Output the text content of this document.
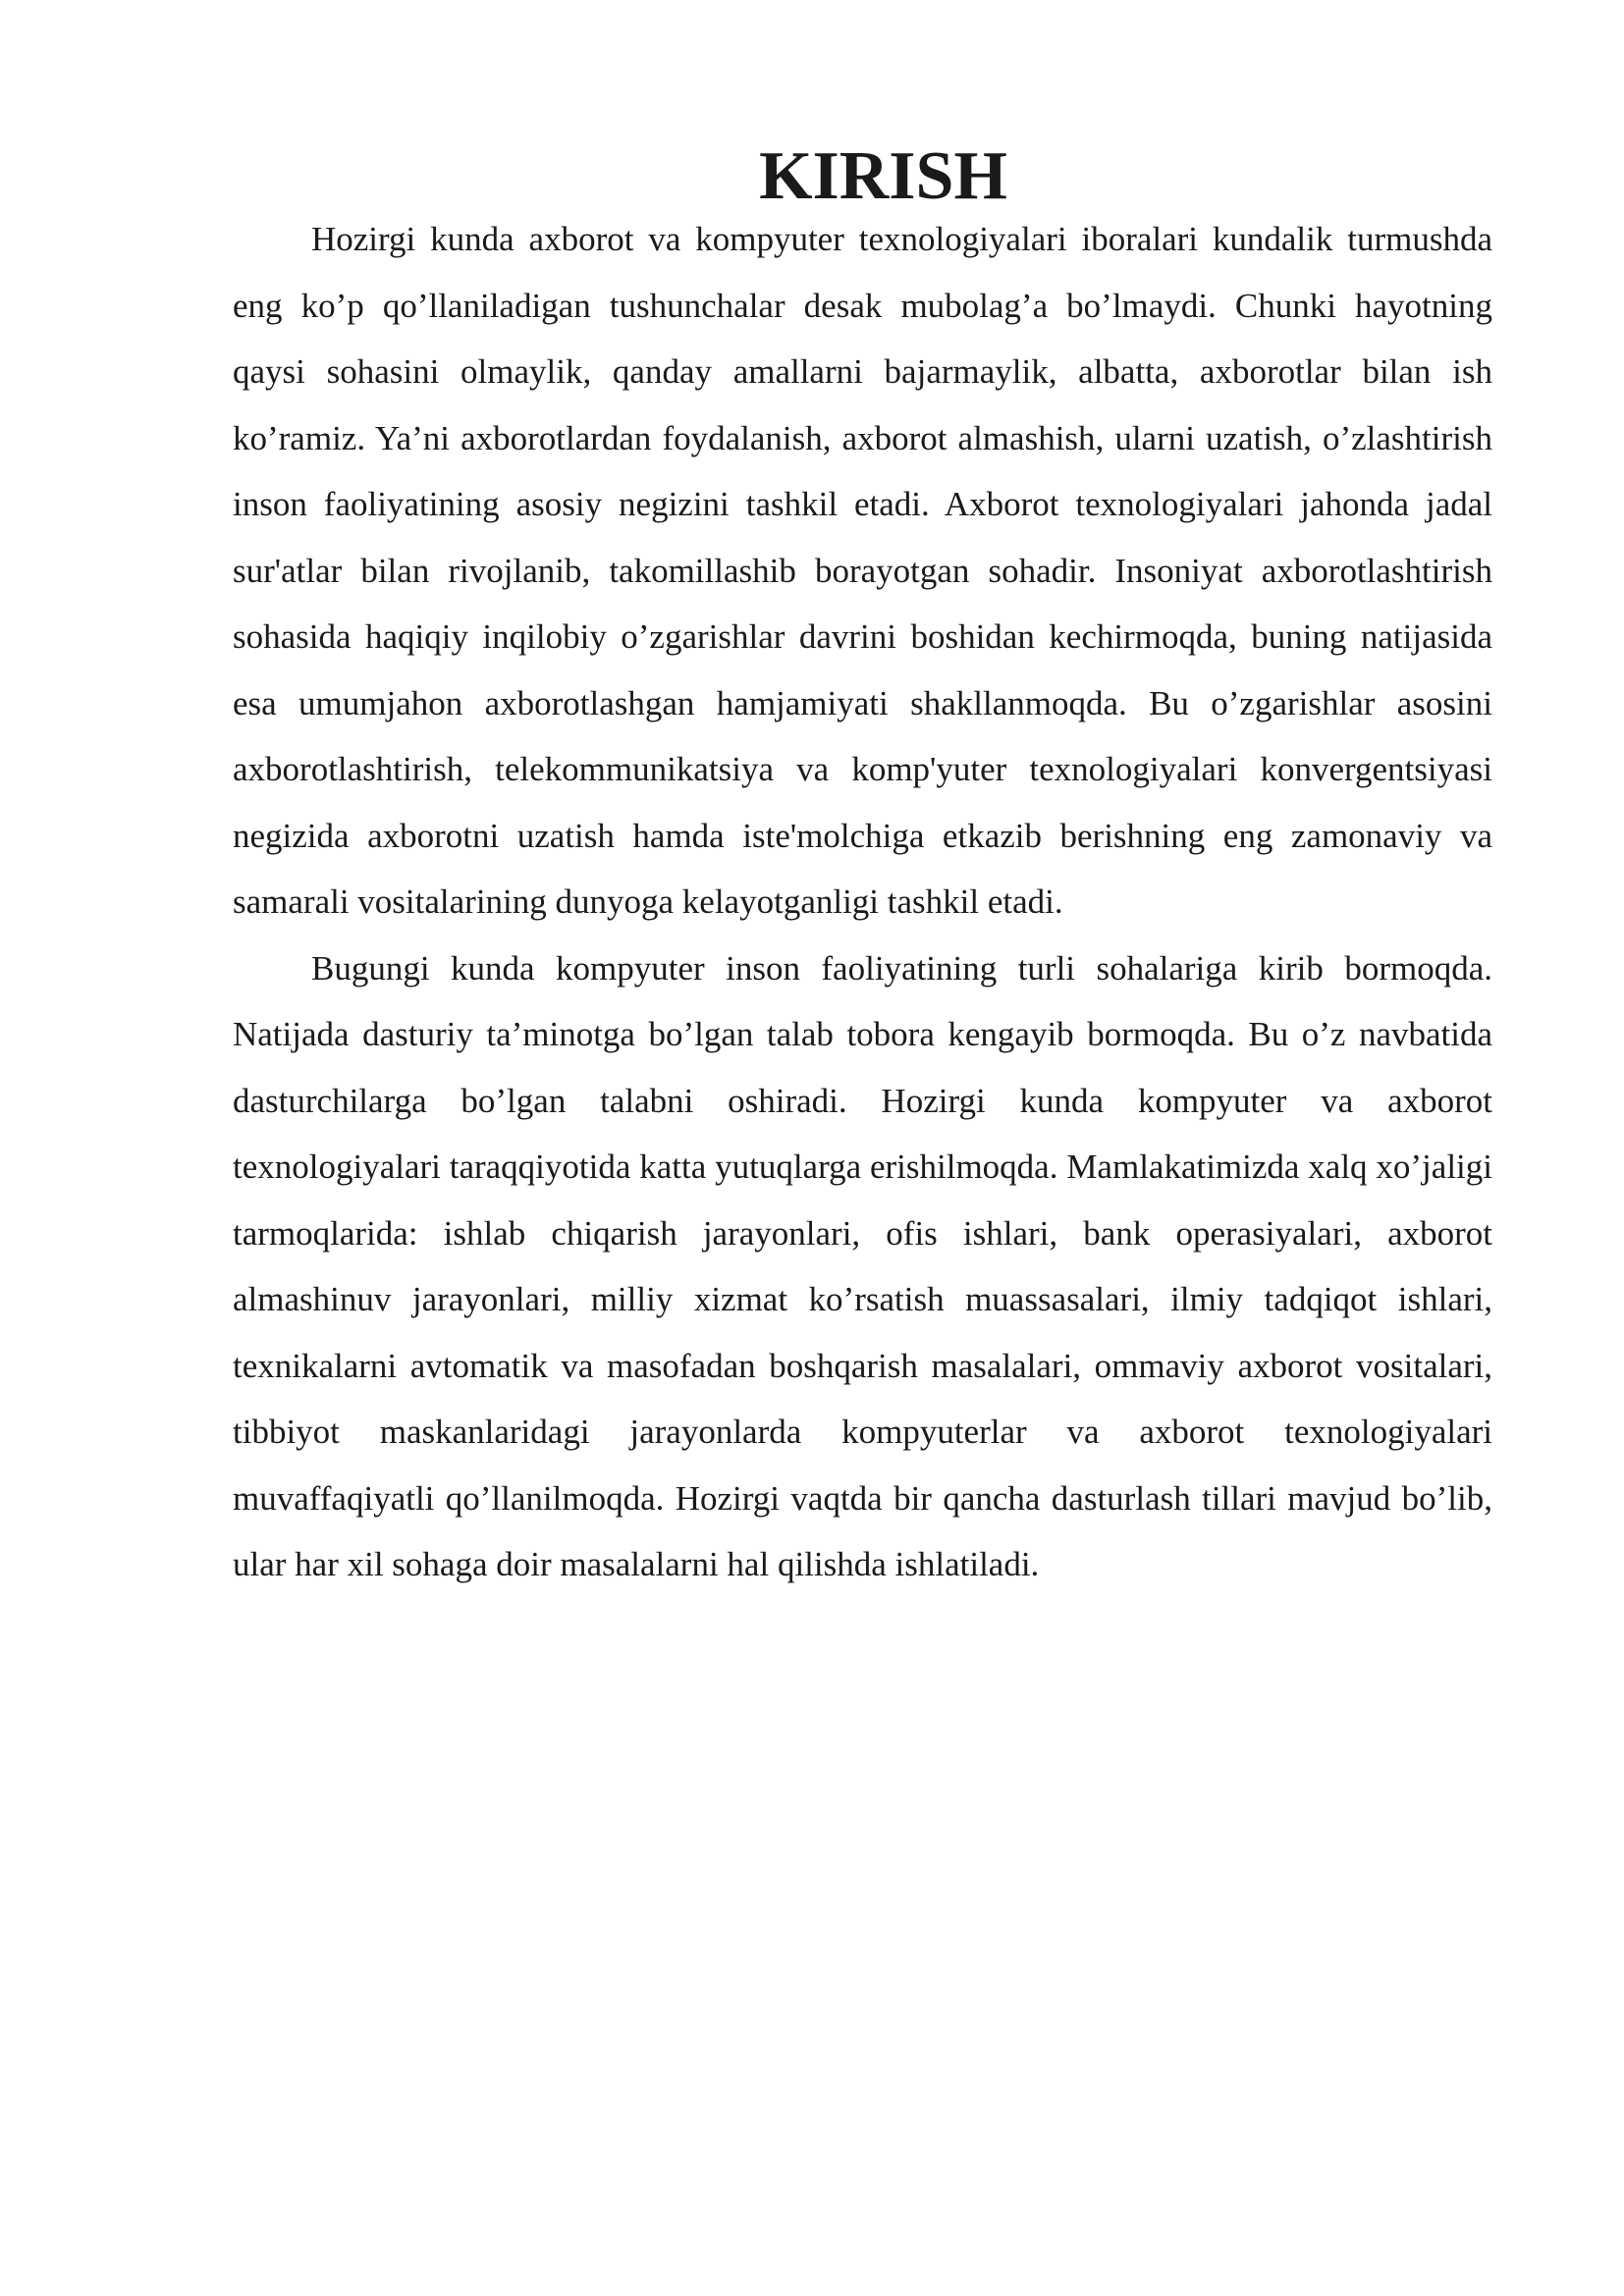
KIRISH

Hozirgi kunda axborot va kompyuter texnologiyalari iboralari kundalik turmushda eng ko’p qo’llaniladigan tushunchalar desak mubolag’a bo’lmaydi. Chunki hayotning qaysi sohasini olmaylik, qanday amallarni bajarmaylik, albatta, axborotlar bilan ish ko’ramiz. Ya’ni axborotlardan foydalanish, axborot almashish, ularni uzatish, o’zlashtirish inson faoliyatining asosiy negizini tashkil etadi. Axborot texnologiyalari jahonda jadal sur'atlar bilan rivojlanib, takomillashib borayotgan sohadir. Insoniyat axborotlashtirish sohasida haqiqiy inqilobiy o’zgarishlar davrini boshidan kechirmoqda, buning natijasida esa umumjahon axborotlashgan hamjamiyati shakllanmoqda. Bu o’zgarishlar asosini axborotlashtirish, telekommunikatsiya va komp'yuter texnologiyalari konvergentsiyasi negizida axborotni uzatish hamda iste'molchiga etkazib berishning eng zamonaviy va samarali vositalarining dunyoga kelayotganligi tashkil etadi.

Bugungi kunda kompyuter inson faoliyatining turli sohalariga kirib bormoqda. Natijada dasturiy ta’minotga bo’lgan talab tobora kengayib bormoqda. Bu o’z navbatida dasturchilarga bo’lgan talabni oshiradi. Hozirgi kunda kompyuter va axborot texnologiyalari taraqqiyotida katta yutuqlarga erishilmoqda. Mamlakatimizda xalq xo’jaligi tarmoqlarida: ishlab chiqarish jarayonlari, ofis ishlari, bank operasiyalari, axborot almashinuv jarayonlari, milliy xizmat ko’rsatish muassasalari, ilmiy tadqiqot ishlari, texnikalarni avtomatik va masofadan boshqarish masalalari, ommaviy axborot vositalari, tibbiyot maskanlaridagi jarayonlarda kompyuterlar va axborot texnologiyalari muvaffaqiyatli qo’llanilmoqda. Hozirgi vaqtda bir qancha dasturlash tillari mavjud bo’lib, ular har xil sohaga doir masalalarni hal qilishda ishlatiladi.
